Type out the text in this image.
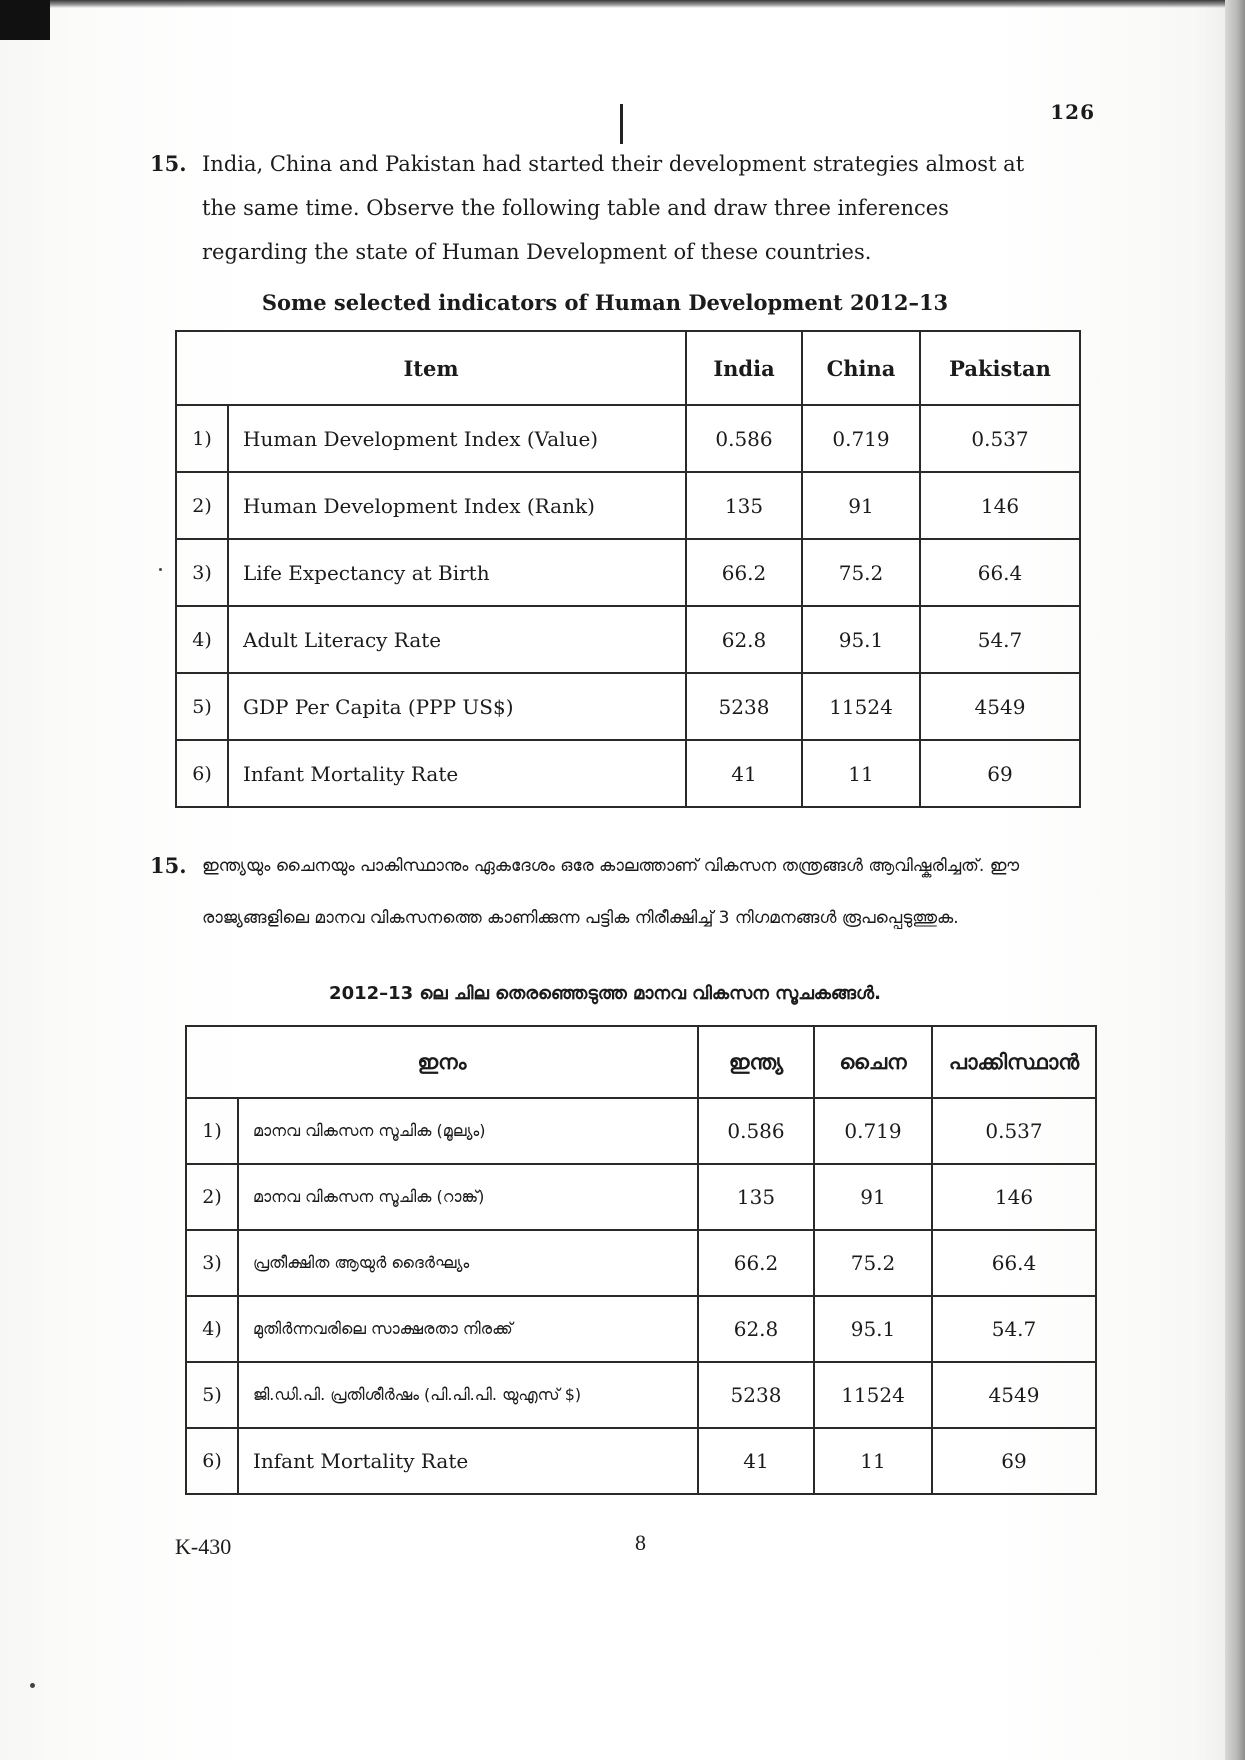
126
15. India, China and Pakistan had started their development strategies almost at the same time. Observe the following table and draw three inferences regarding the state of Human Development of these countries.
Some selected indicators of Human Development 2012–13
Item		India	China	Pakistan
1)	Human Development Index (Value)	0.586	0.719	0.537
2)	Human Development Index (Rank)	135	91	146
3)	Life Expectancy at Birth	66.2	75.2	66.4
4)	Adult Literacy Rate	62.8	95.1	54.7
5)	GDP Per Capita (PPP US$)	5238	11524	4549
6)	Infant Mortality Rate	41	11	69
15. ഇന്ത്യയും ചൈനയും പാകിസ്ഥാനും ഏകദേശം ഒരേ കാലത്താണ് വികസന തന്ത്രങ്ങൾ ആവിഷ്കരിച്ചത്. ഈ രാജ്യങ്ങളിലെ മാനവ വികസനത്തെ കാണിക്കുന്ന പട്ടിക നിരീക്ഷിച്ച് 3 നിഗമനങ്ങൾ രൂപപ്പെടുത്തുക.
2012–13 ലെ ചില തെരഞ്ഞെടുത്ത മാനവ വികസന സൂചകങ്ങൾ.
ഇനം		ഇന്ത്യ	ചൈന	പാക്കിസ്ഥാൻ
1)	മാനവ വികസന സൂചിക (മൂല്യം)	0.586	0.719	0.537
2)	മാനവ വികസന സൂചിക (റാങ്ക്)	135	91	146
3)	പ്രതീക്ഷിത ആയുർ ദൈർഘ്യം	66.2	75.2	66.4
4)	മുതിർന്നവരിലെ സാക്ഷരതാ നിരക്ക്	62.8	95.1	54.7
5)	ജി.ഡി.പി. പ്രതിശീർഷം (പി.പി.പി. യുഎസ് $)	5238	11524	4549
6)	Infant Mortality Rate	41	11	69
K-430	8
